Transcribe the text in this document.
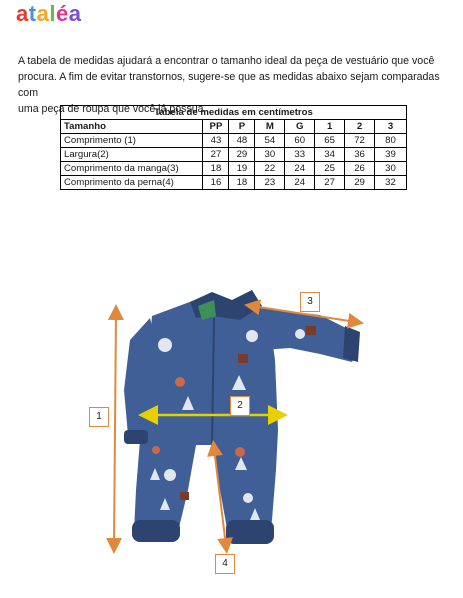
ataléa

A tabela de medidas ajudará a encontrar o tamanho ideal da peça de vestuário que você

procura. A fim de evitar transtornos, sugere-se que as medidas abaixo sejam comparadas com

uma peça de roupa que você já possua.

Tabela de medidas em centímetros							
Tamanho	PP	P	M	G	1	2	3
Comprimento (1)	43	48	54	60	65	72	80
Largura(2)	27	29	30	33	34	36	39
Comprimento da manga(3)	18	19	22	24	25	26	30
Comprimento da perna(4)	16	18	23	24	27	29	32
1
2
3
4
